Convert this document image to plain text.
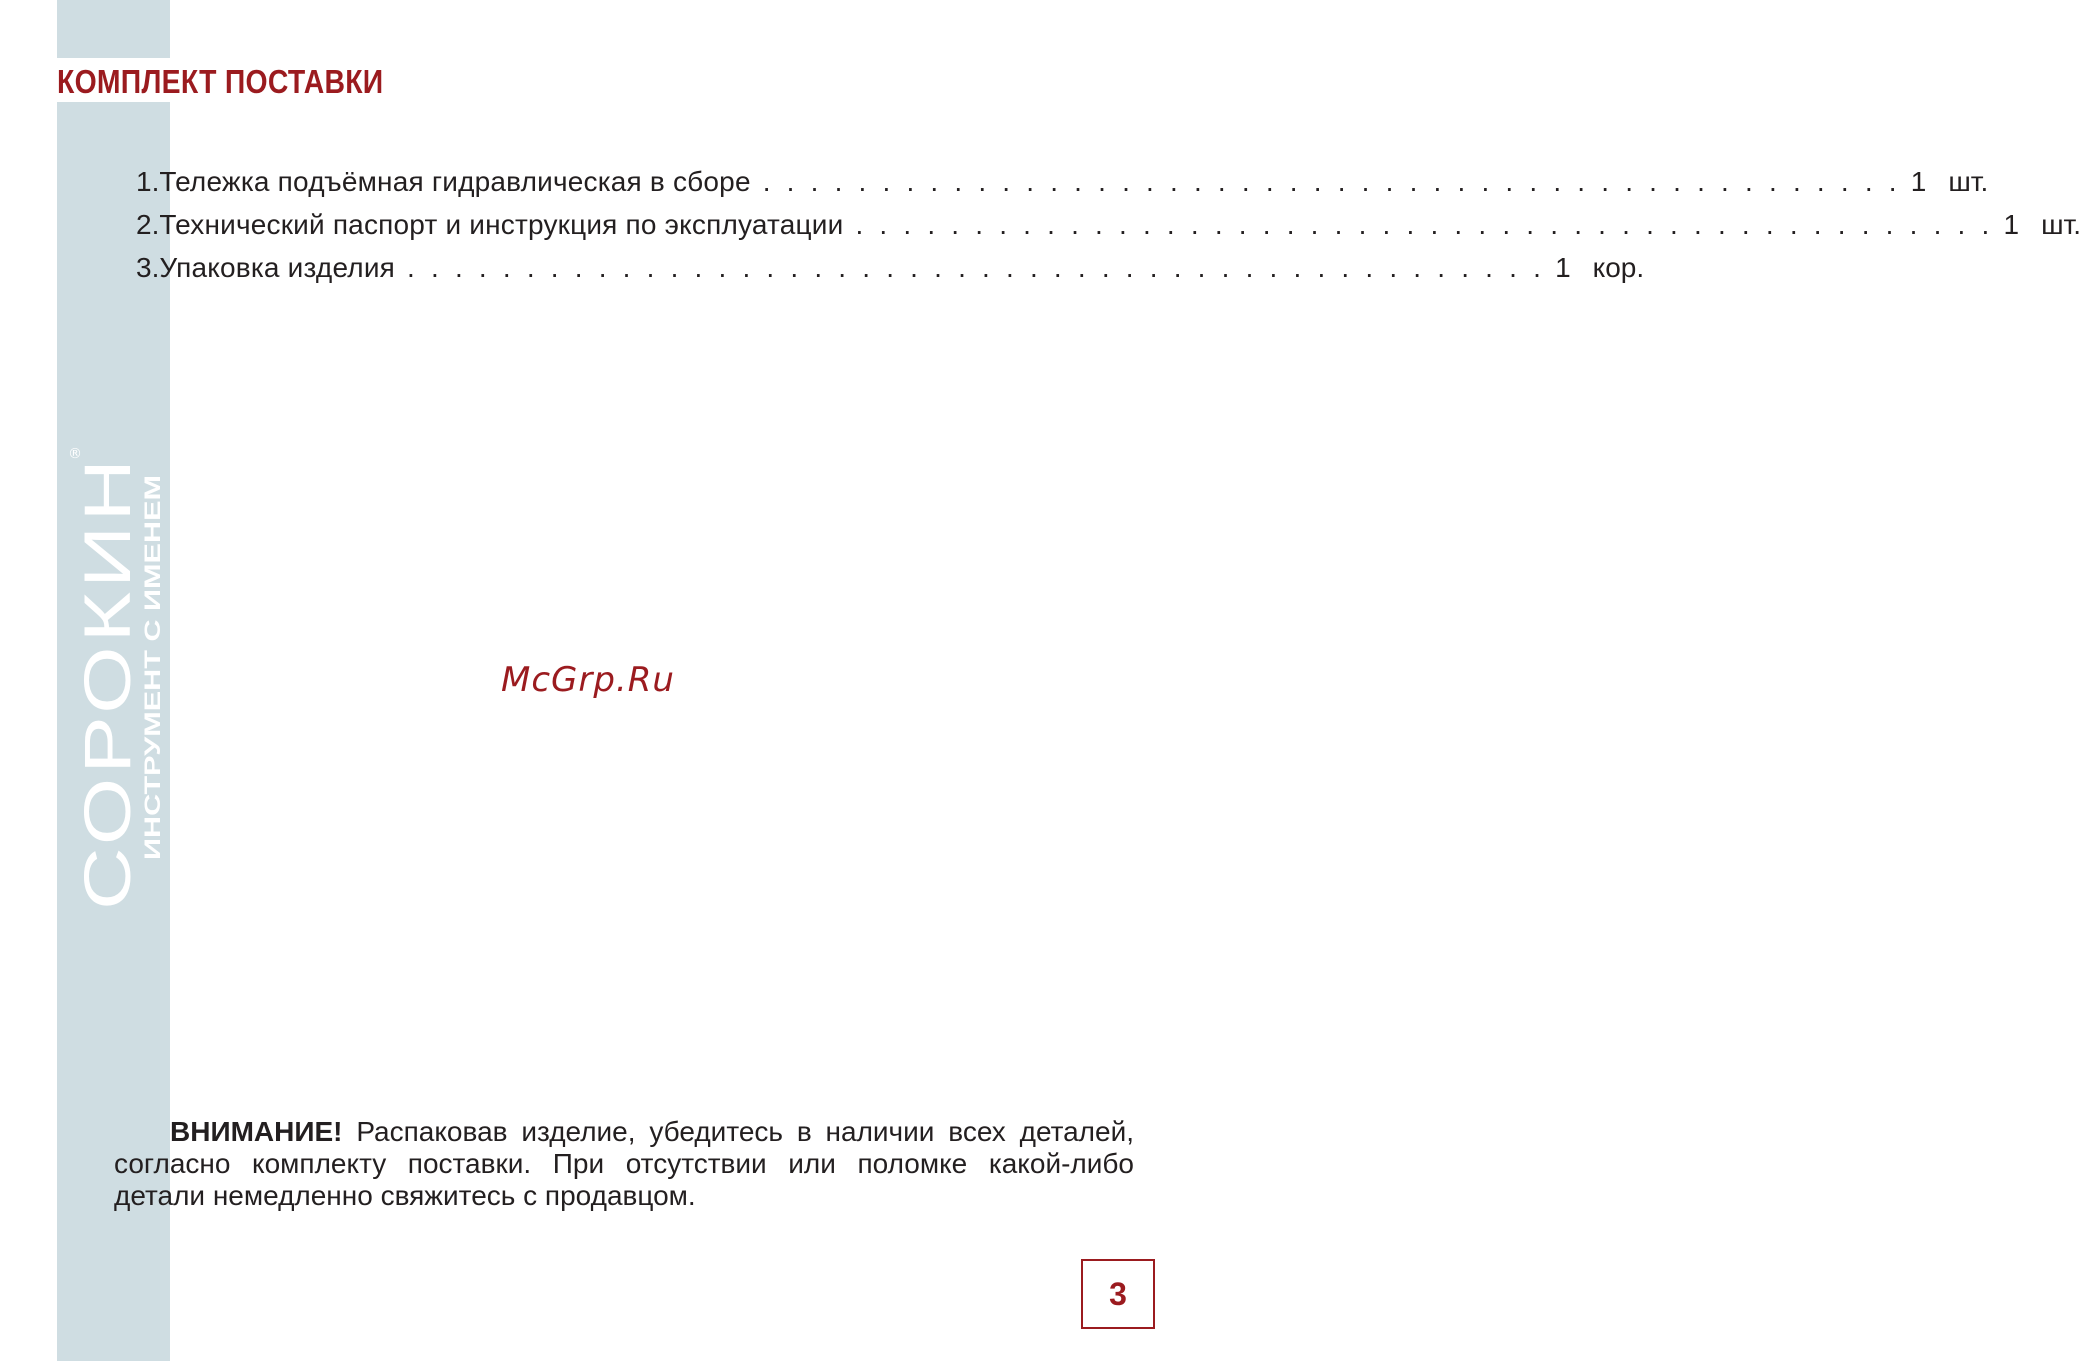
СОРОКИН
ИНСТРУМЕНТ С ИМЕНЕМ
®
КОМПЛЕКТ ПОСТАВКИ
1. Тележка подъёмная гидравлическая в сборе . . . . . . . . . . . . . . . . . . . . . . . . . . . . . . . . . . . . . . . . . . . . . . . . 1 шт.
2. Технический паспорт и инструкция по эксплуатации . . . . . . . . . . . . . . . . . . . . . . . . . . . . . . . . . . . . . . . . . . . . . . . . 1 шт.
3. Упаковка изделия . . . . . . . . . . . . . . . . . . . . . . . . . . . . . . . . . . . . . . . . . . . . . . . . 1 кор.
McGrp.Ru

ВНИМАНИЕ! Распаковав изделие, убедитесь в наличии всех деталей, согласно комплекту поставки. При отсутствии или поломке какой-либо детали немедленно свяжитесь с продавцом.

3
